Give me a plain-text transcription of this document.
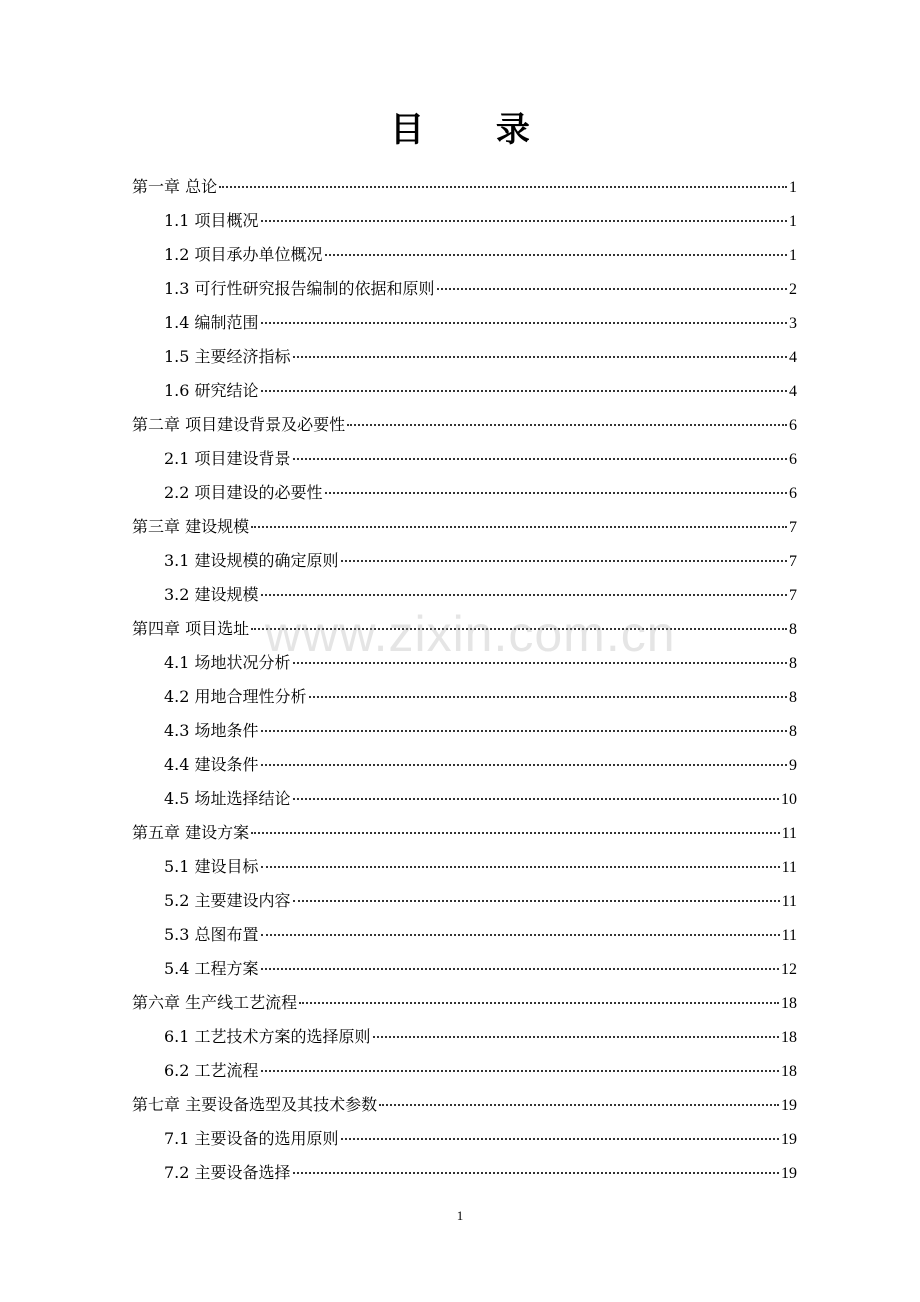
目 录
第一章 总论	1
1.1 项目概况	1
1.2 项目承办单位概况	1
1.3 可行性研究报告编制的依据和原则	2
1.4 编制范围	3
1.5 主要经济指标	4
1.6 研究结论	4
第二章 项目建设背景及必要性	6
2.1 项目建设背景	6
2.2 项目建设的必要性	6
第三章 建设规模	7
3.1 建设规模的确定原则	7
3.2 建设规模	7
第四章 项目选址	8
4.1 场地状况分析	8
4.2 用地合理性分析	8
4.3 场地条件	8
4.4 建设条件	9
4.5 场址选择结论	10
第五章 建设方案	11
5.1 建设目标	11
5.2 主要建设内容	11
5.3 总图布置	11
5.4 工程方案	12
第六章 生产线工艺流程	18
6.1 工艺技术方案的选择原则	18
6.2 工艺流程	18
第七章 主要设备选型及其技术参数	19
7.1 主要设备的选用原则	19
7.2 主要设备选择	19
www.zixin.com.cn
1
